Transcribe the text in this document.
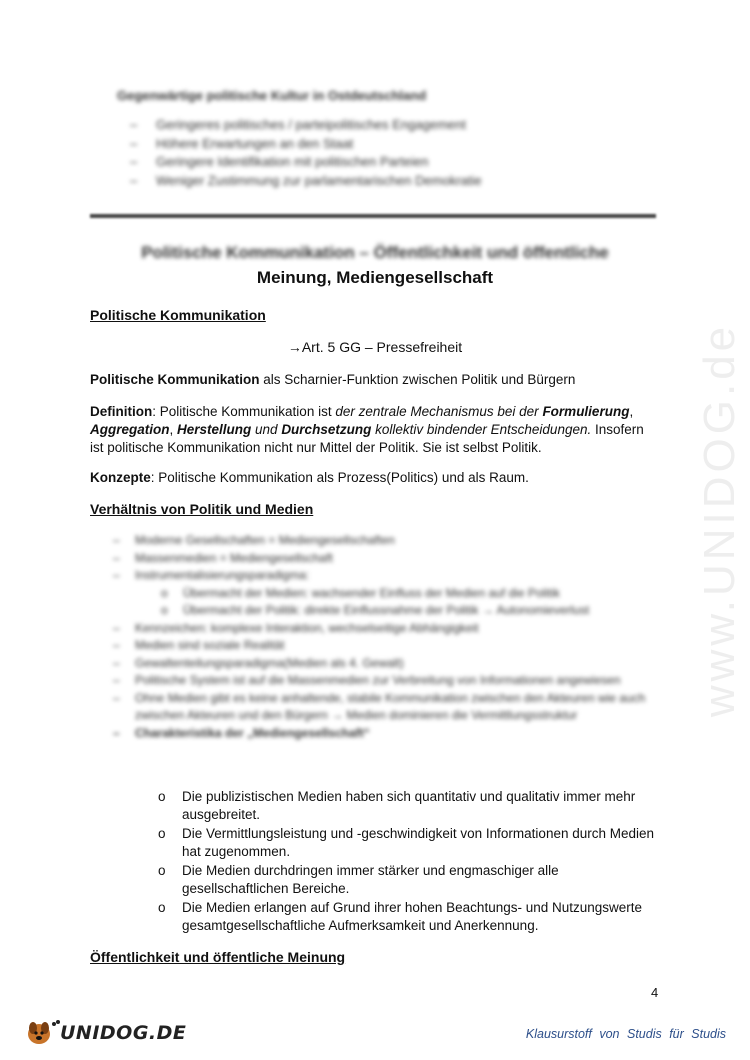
www.UNIDOG.de
Gegenwärtige politische Kultur in Ostdeutschland
– Geringeres politisches / parteipolitisches Engagement
– Höhere Erwartungen an den Staat
– Geringere Identifikation mit politischen Parteien
– Weniger Zustimmung zur parlamentarischen Demokratie
Politische Kommunikation – Öffentlichkeit und öffentliche
Meinung, Mediengesellschaft
Politische Kommunikation
→Art. 5 GG – Pressefreiheit
Politische Kommunikation als Scharnier-Funktion zwischen Politik und Bürgern
Definition: Politische Kommunikation ist der zentrale Mechanismus bei der Formulierung, Aggregation, Herstellung und Durchsetzung kollektiv bindender Entscheidungen. Insofern ist politische Kommunikation nicht nur Mittel der Politik. Sie ist selbst Politik.
Konzepte: Politische Kommunikation als Prozess(Politics) und als Raum.
Verhältnis von Politik und Medien
– Moderne Gesellschaften = Mediengesellschaften
– Massenmedien = Mediengesellschaft
– Instrumentalisierungsparadigma:
o Übermacht der Medien: wachsender Einfluss der Medien auf die Politik
o Übermacht der Politik: direkte Einflussnahme der Politik → Autonomieverlust
– Kennzeichen: komplexe Interaktion, wechselseitige Abhängigkeit
– Medien sind soziale Realität
– Gewaltenteilungsparadigma(Medien als 4. Gewalt)
– Politische System ist auf die Massenmedien zur Verbreitung von Informationen angewiesen
– Ohne Medien gibt es keine anhaltende, stabile Kommunikation zwischen den Akteuren wie auch zwischen Akteuren und den Bürgern → Medien dominieren die Vermittlungsstruktur
– Charakteristika der „Mediengesellschaft“
o Die publizistischen Medien haben sich quantitativ und qualitativ immer mehr ausgebreitet.
o Die Vermittlungsleistung und -geschwindigkeit von Informationen durch Medien hat zugenommen.
o Die Medien durchdringen immer stärker und engmaschiger alle gesellschaftlichen Bereiche.
o Die Medien erlangen auf Grund ihrer hohen Beachtungs- und Nutzungswerte gesamtgesellschaftliche Aufmerksamkeit und Anerkennung.
Öffentlichkeit und öffentliche Meinung
4
UNIDOG.DE	Klausurstoff von Studis für Studis
